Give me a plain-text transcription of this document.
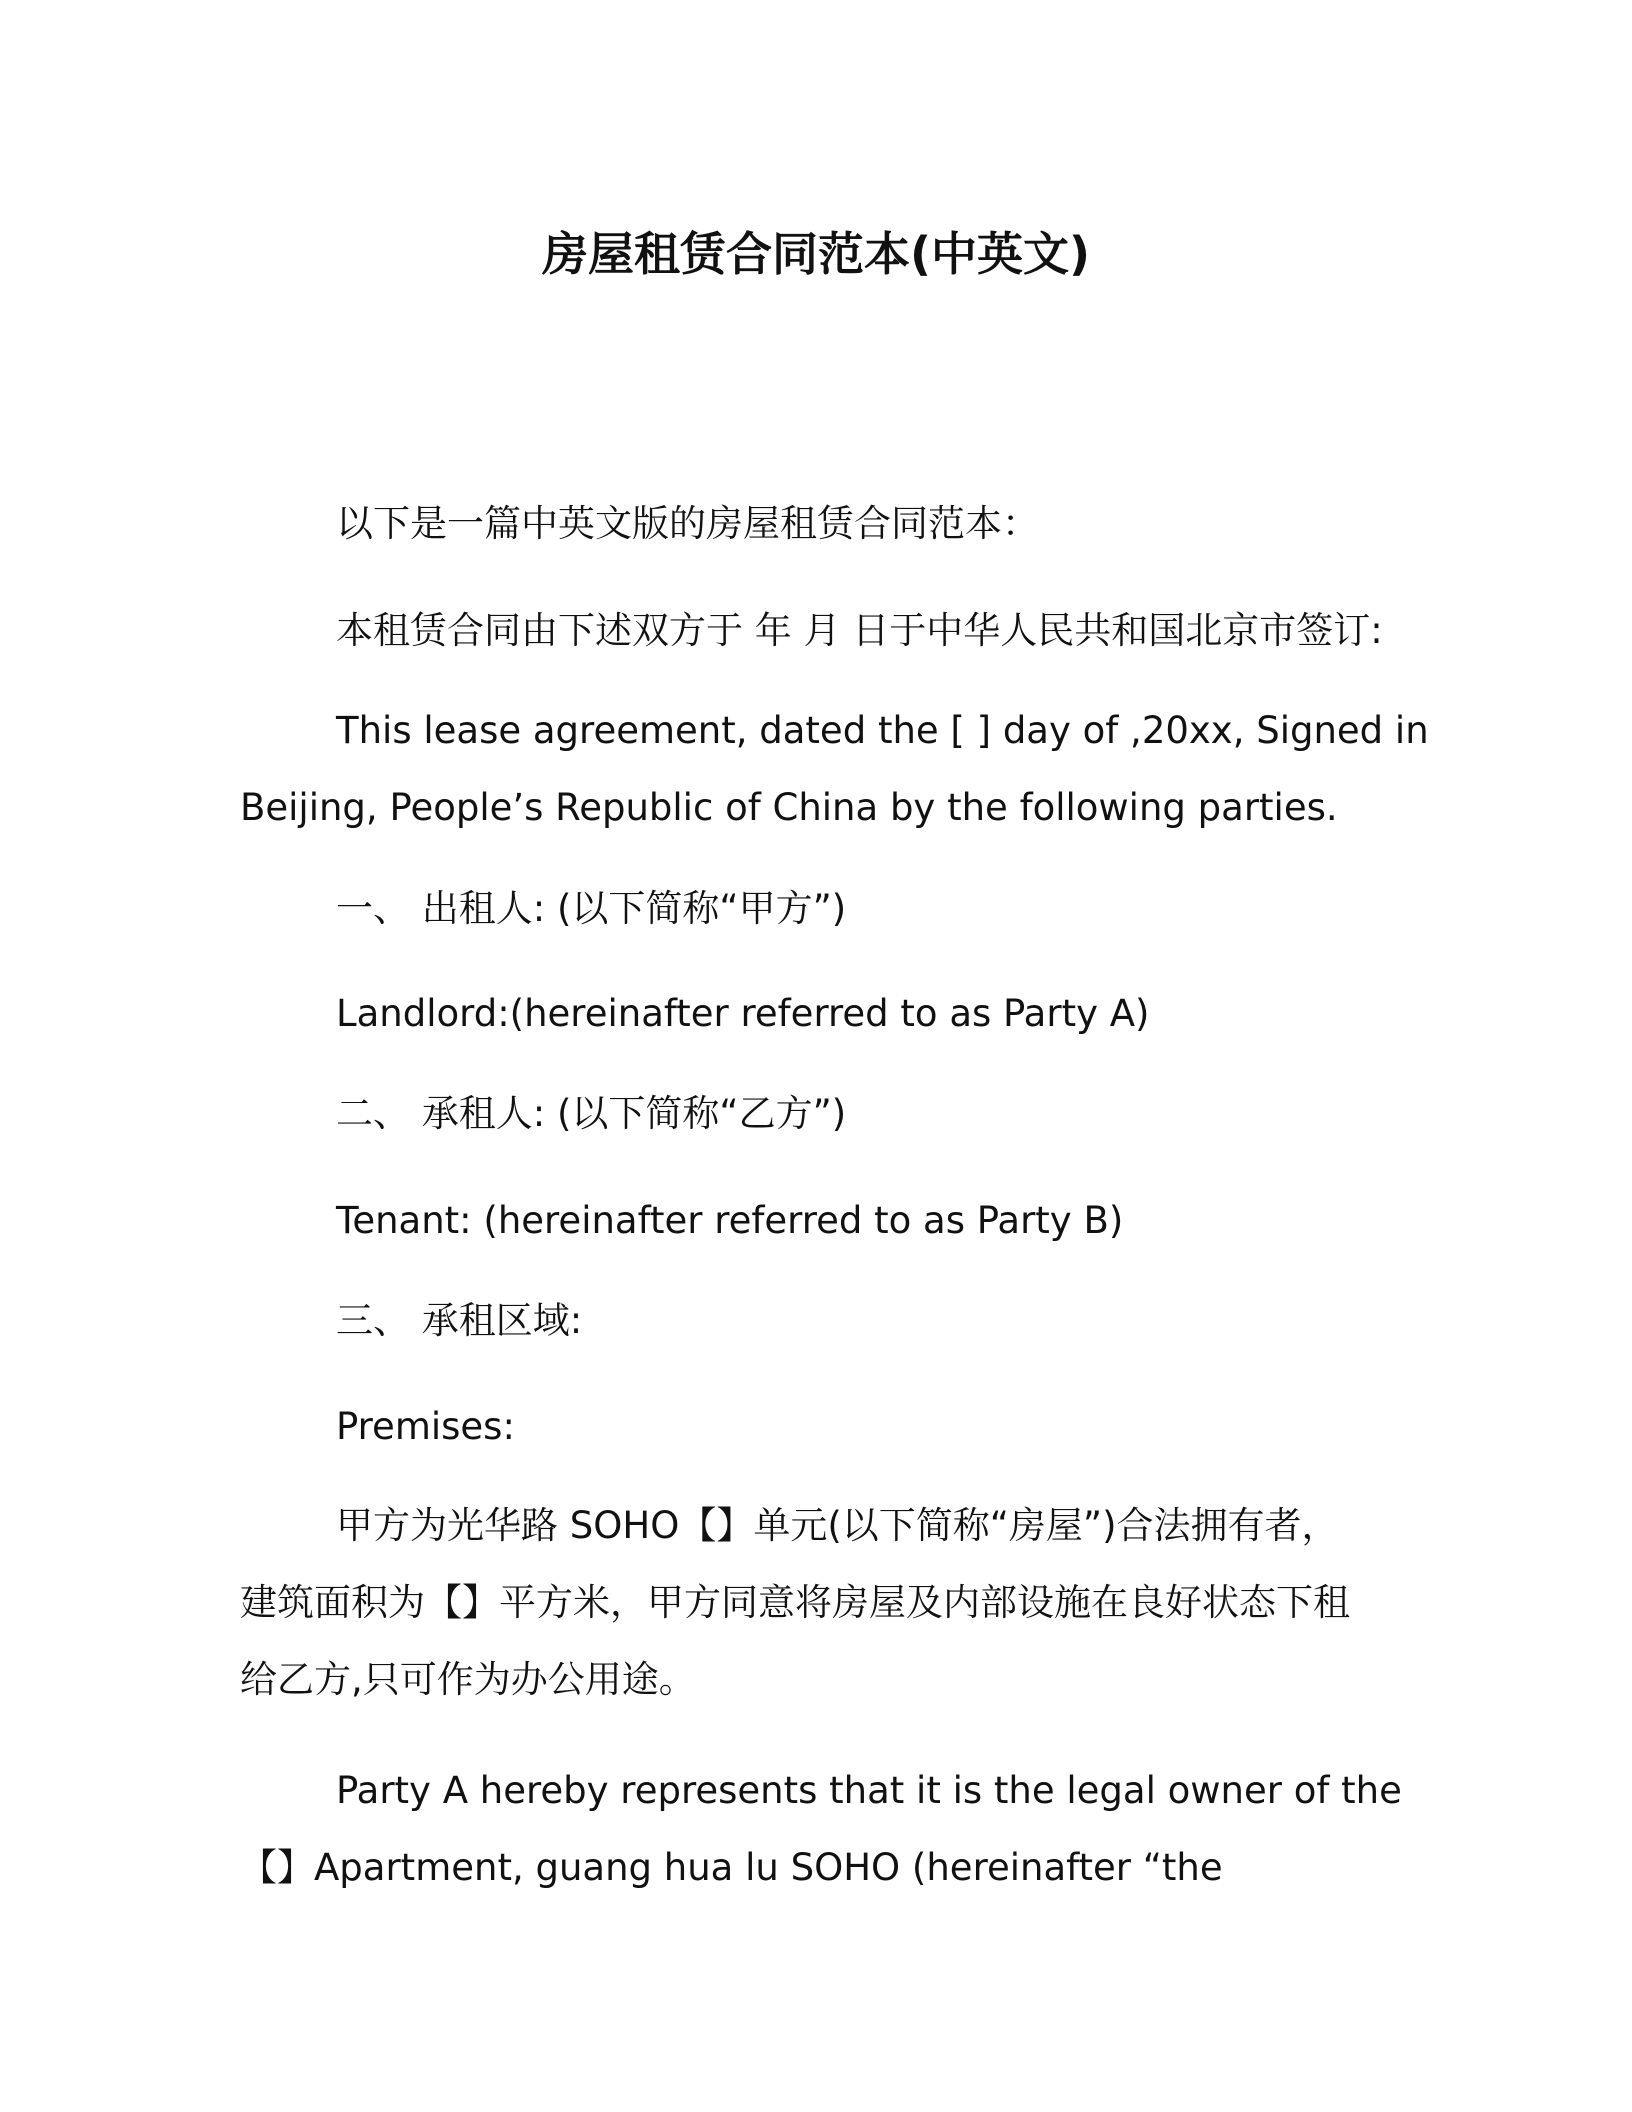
房屋租赁合同范本(中英文)
以下是一篇中英文版的房屋租赁合同范本：
本租赁合同由下述双方于 年 月 日于中华人民共和国北京市签订:
This lease agreement, dated the [ ] day of ,20xx, Signed in
Beijing, People’s Republic of China by the following parties.
一、 出租人: (以下简称“甲方”)
Landlord:(hereinafter referred to as Party A)
二、 承租人: (以下简称“乙方”)
Tenant: (hereinafter referred to as Party B)
三、 承租区域:
Premises:
甲方为光华路 SOHO【】单元(以下简称“房屋”)合法拥有者，
建筑面积为【】平方米，甲方同意将房屋及内部设施在良好状态下租
给乙方,只可作为办公用途。
Party A hereby represents that it is the legal owner of the
【】Apartment, guang hua lu SOHO (hereinafter “the
